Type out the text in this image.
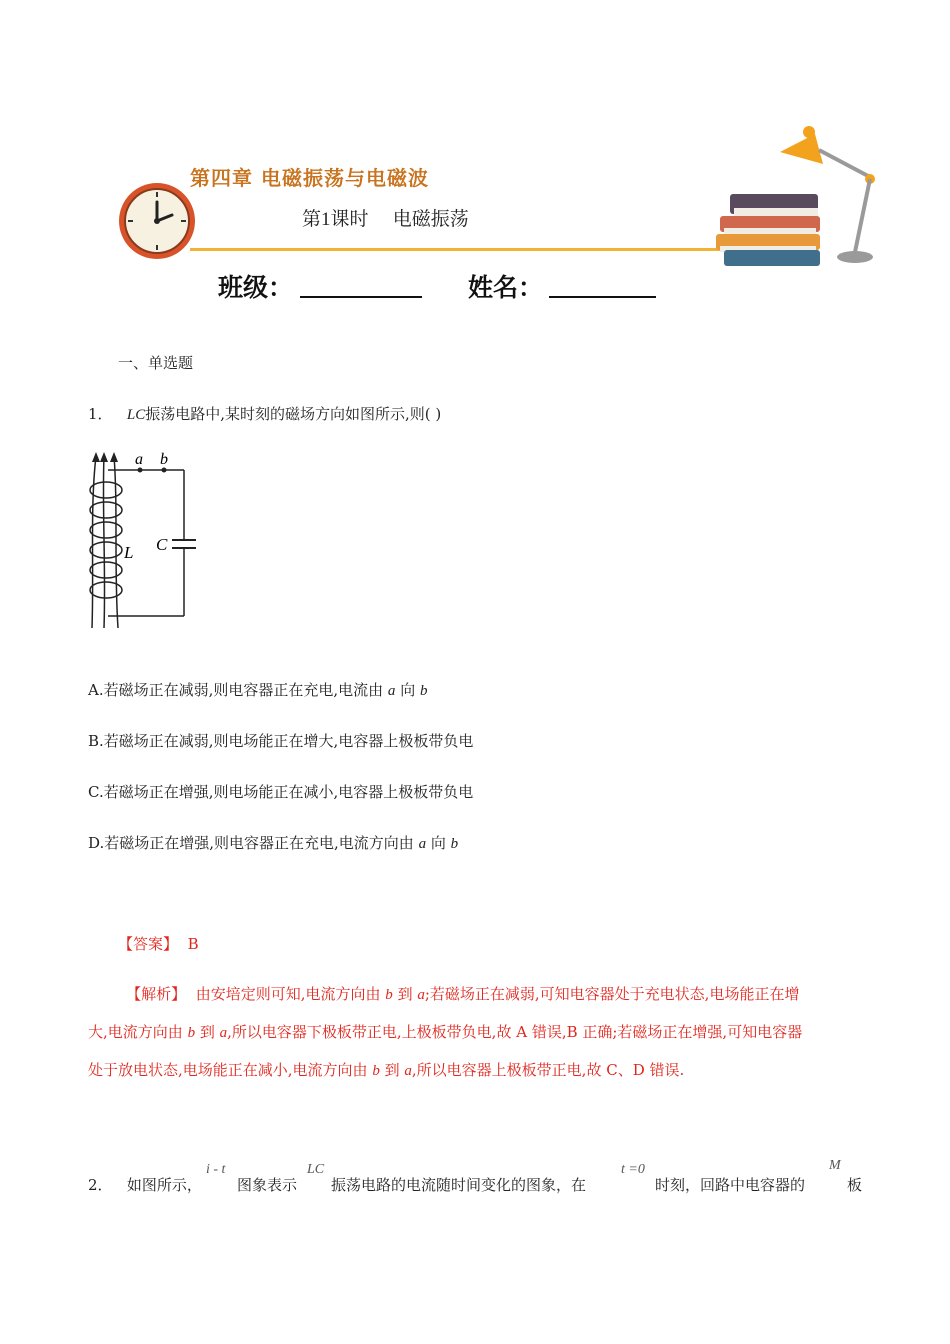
第四章 电磁振荡与电磁波
第1课时 电磁振荡
班级：	姓名：
一、单选题
1． LC振荡电路中,某时刻的磁场方向如图所示,则( )
a b
L C
A.若磁场正在减弱,则电容器正在充电,电流由 a 向 b
B.若磁场正在减弱,则电场能正在增大,电容器上极板带负电
C.若磁场正在增强,则电场能正在减小,电容器上极板带负电
D.若磁场正在增强,则电容器正在充电,电流方向由 a 向 b
【答案】 B
【解析】 由安培定则可知,电流方向由 b 到 a;若磁场正在减弱,可知电容器处于充电状态,电场能正在增
大,电流方向由 b 到 a,所以电容器下极板带正电,上极板带负电,故 A 错误,B 正确;若磁场正在增强,可知电容器
处于放电状态,电场能正在减小,电流方向由 b 到 a,所以电容器上极板带正电,故 C、D 错误.
2． 如图所示，
i - t
图象表示
LC
振荡电路的电流随时间变化的图象，在
t =0
时刻，回路中电容器的
M
板
